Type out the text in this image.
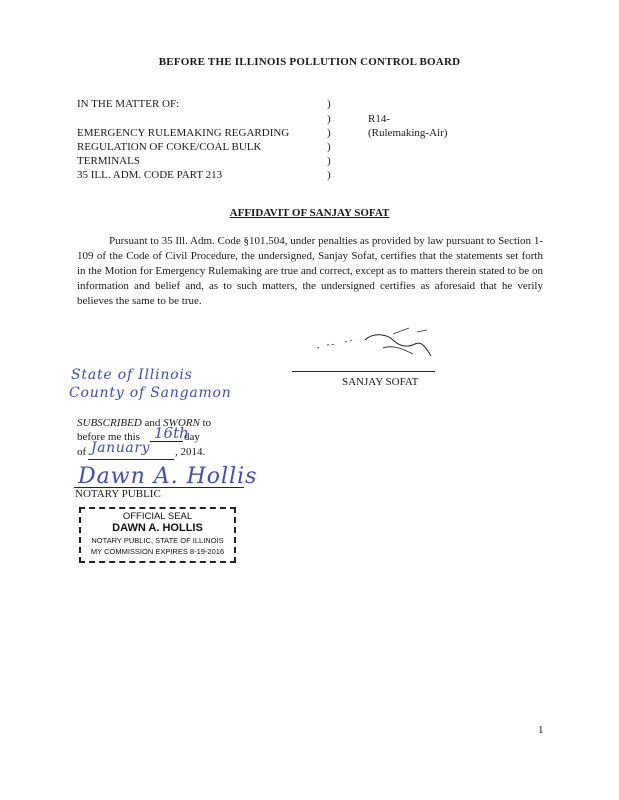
BEFORE THE ILLINOIS POLLUTION CONTROL BOARD
IN THE MATTER OF:
EMERGENCY RULEMAKING REGARDING
REGULATION OF COKE/COAL BULK
TERMINALS
35 ILL. ADM. CODE PART 213
)
)
)
)
)
)
R14-
(Rulemaking-Air)
AFFIDAVIT OF SANJAY SOFAT
Pursuant to 35 Ill. Adm. Code §101.504, under penalties as provided by law pursuant to Section 1-109 of the Code of Civil Procedure, the undersigned, Sanjay Sofat, certifies that the statements set forth in the Motion for Emergency Rulemaking are true and correct, except as to matters therein stated to be on information and belief and, as to such matters, the undersigned certifies as aforesaid that he verily believes the same to be true.
SANJAY SOFAT
State of Illinois
County of Sangamon
SUBSCRIBED and SWORN to
before me this 16th
day
of January , 2014.
Dawn A. Hollis
NOTARY PUBLIC
OFFICIAL SEAL
DAWN A. HOLLIS
NOTARY PUBLIC, STATE OF ILLINOIS
MY COMMISSION EXPIRES 8-19-2016
1
